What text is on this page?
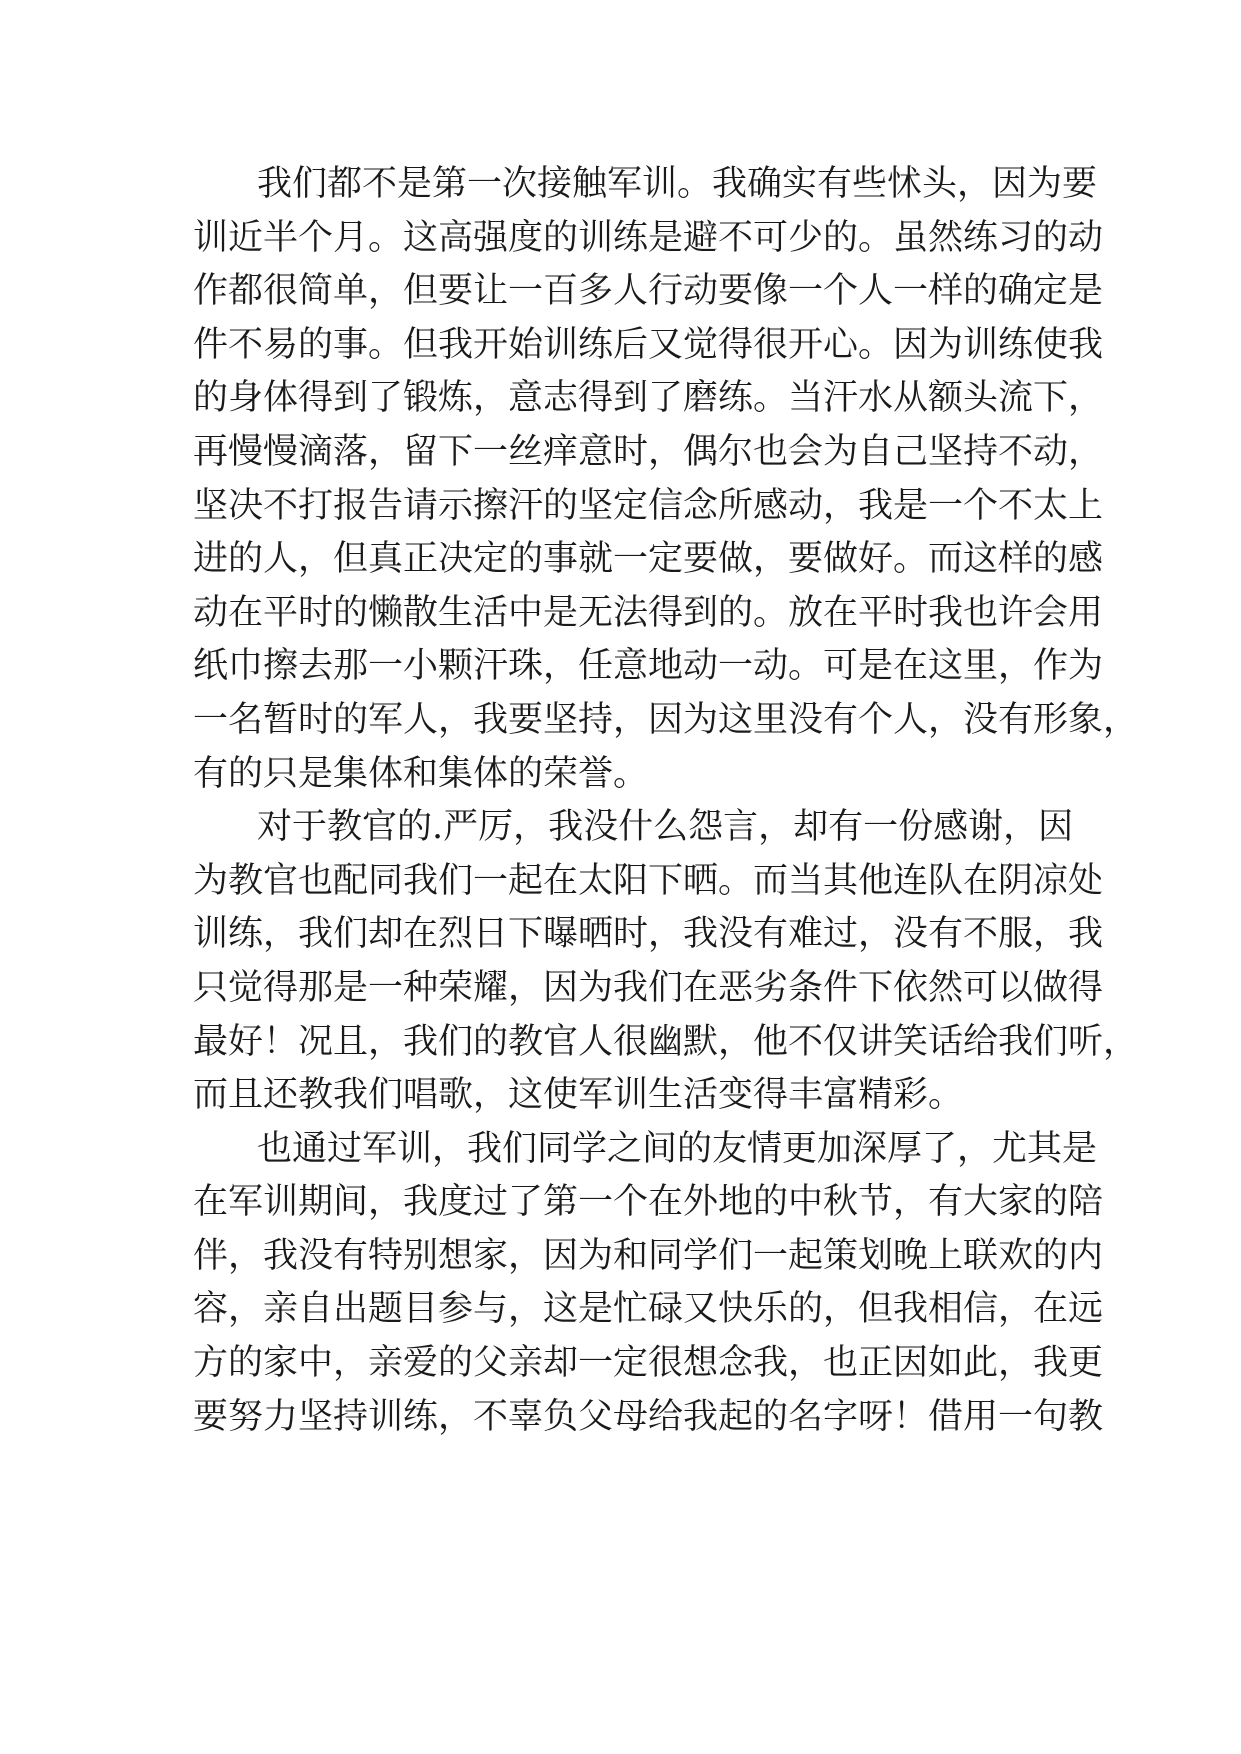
我们都不是第一次接触军训。我确实有些怵头，因为要
训近半个月。这高强度的训练是避不可少的。虽然练习的动
作都很简单，但要让一百多人行动要像一个人一样的确定是
件不易的事。但我开始训练后又觉得很开心。因为训练使我
的身体得到了锻炼，意志得到了磨练。当汗水从额头流下，
再慢慢滴落，留下一丝痒意时，偶尔也会为自己坚持不动，
坚决不打报告请示擦汗的坚定信念所感动，我是一个不太上
进的人，但真正决定的事就一定要做，要做好。而这样的感
动在平时的懒散生活中是无法得到的。放在平时我也许会用
纸巾擦去那一小颗汗珠，任意地动一动。可是在这里，作为
一名暂时的军人，我要坚持，因为这里没有个人，没有形象，
有的只是集体和集体的荣誉。
对于教官的.严厉，我没什么怨言，却有一份感谢，因
为教官也配同我们一起在太阳下晒。而当其他连队在阴凉处
训练，我们却在烈日下曝晒时，我没有难过，没有不服，我
只觉得那是一种荣耀，因为我们在恶劣条件下依然可以做得
最好！况且，我们的教官人很幽默，他不仅讲笑话给我们听，
而且还教我们唱歌，这使军训生活变得丰富精彩。
也通过军训，我们同学之间的友情更加深厚了，尤其是
在军训期间，我度过了第一个在外地的中秋节，有大家的陪
伴，我没有特别想家，因为和同学们一起策划晚上联欢的内
容，亲自出题目参与，这是忙碌又快乐的，但我相信，在远
方的家中，亲爱的父亲却一定很想念我，也正因如此，我更
要努力坚持训练，不辜负父母给我起的名字呀！借用一句教
